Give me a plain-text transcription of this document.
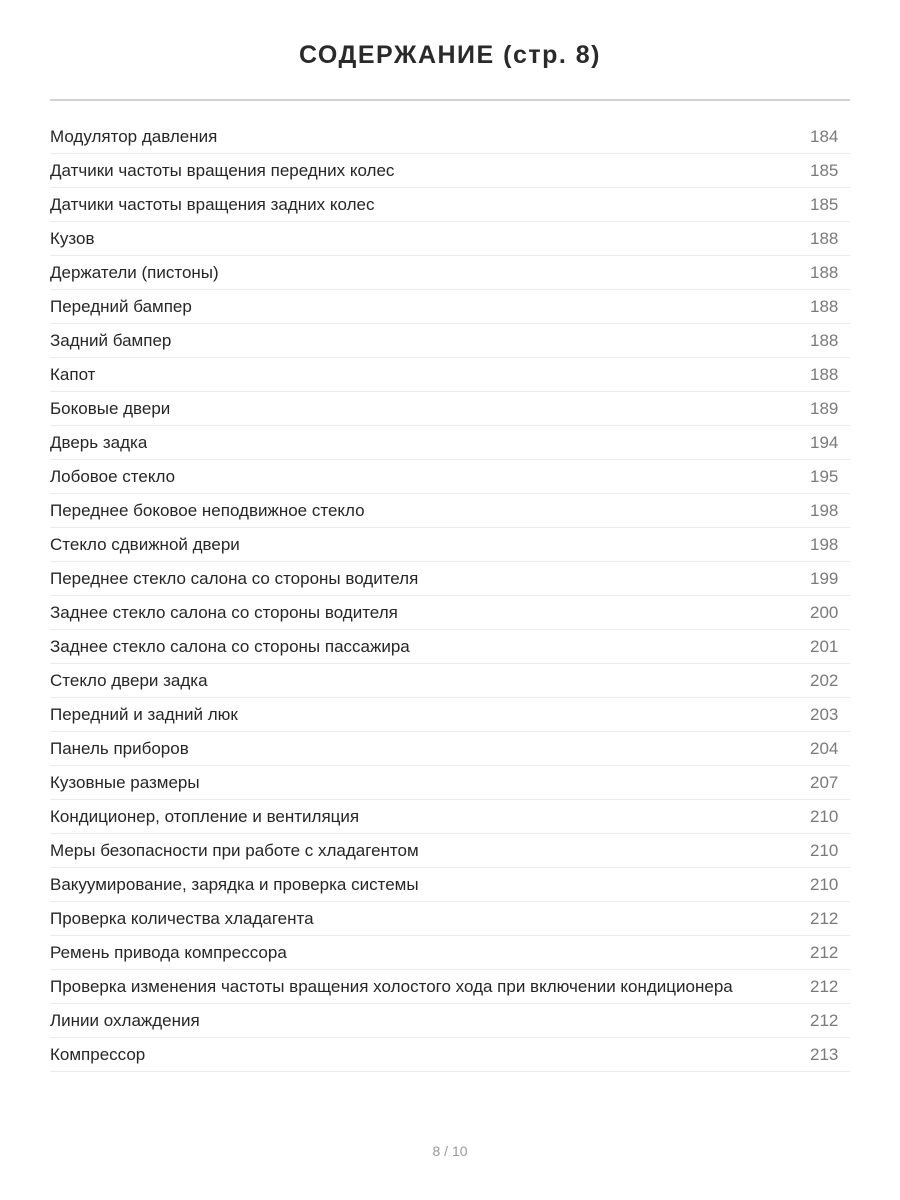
СОДЕРЖАНИЕ (стр. 8)
Модулятор давления	184
Датчики частоты вращения передних колес	185
Датчики частоты вращения задних колес	185
Кузов	188
Держатели (пистоны)	188
Передний бампер	188
Задний бампер	188
Капот	188
Боковые двери	189
Дверь задка	194
Лобовое стекло	195
Переднее боковое неподвижное стекло	198
Стекло сдвижной двери	198
Переднее стекло салона со стороны водителя	199
Заднее стекло салона со стороны водителя	200
Заднее стекло салона со стороны пассажира	201
Стекло двери задка	202
Передний и задний люк	203
Панель приборов	204
Кузовные размеры	207
Кондиционер, отопление и вентиляция	210
Меры безопасности при работе с хладагентом	210
Вакуумирование, зарядка и проверка системы	210
Проверка количества хладагента	212
Ремень привода компрессора	212
Проверка изменения частоты вращения холостого хода при включении кондиционера	212
Линии охлаждения	212
Компрессор	213
8 / 10
